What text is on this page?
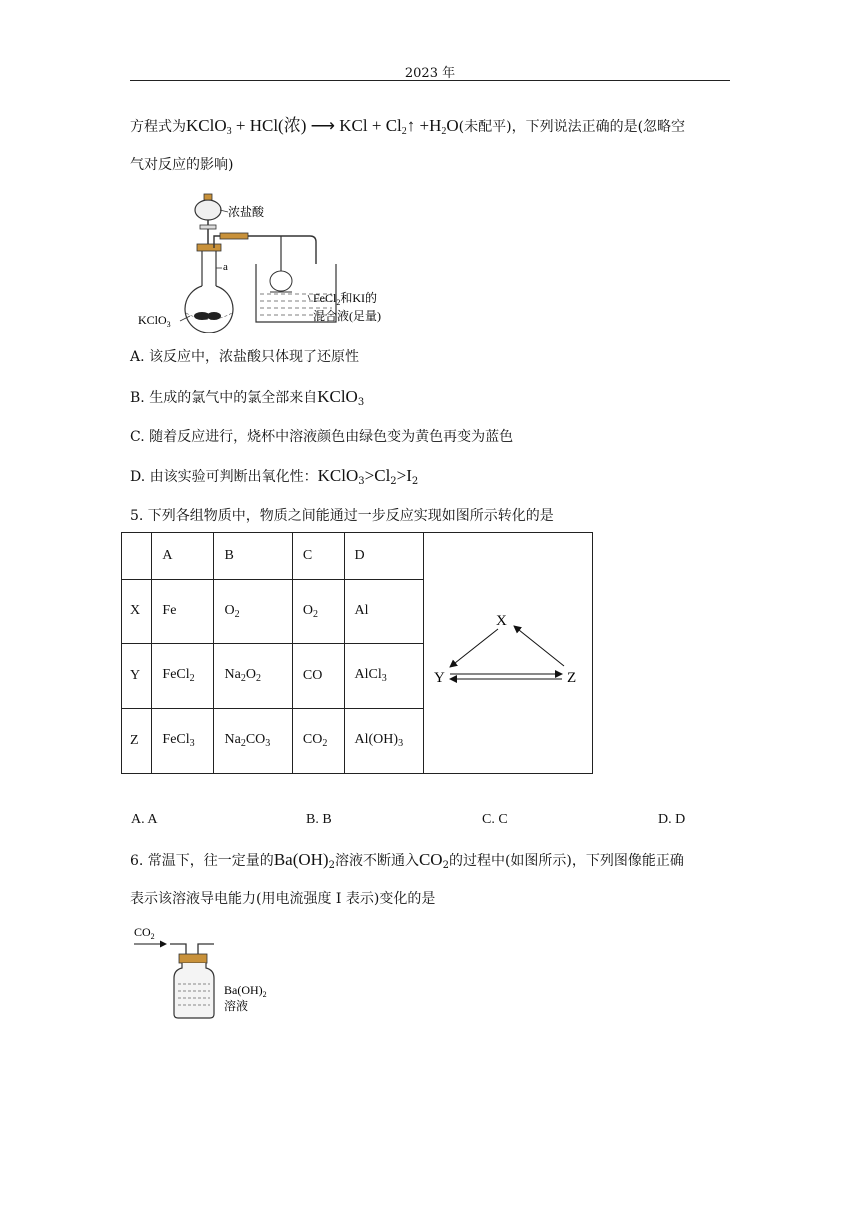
2023 年
方程式为KClO$_3$ + HCl(浓) ⟶ KCl + $Cl_2↑ +H_2O$(未配平)，下列说法正确的是(忽略空
气对反应的影响)
浓盐酸
KClO$_3$
a
FeCl$_2$和KI的
混合液(足量)
A. 该反应中，浓盐酸只体现了还原性
B. 生成的氯气中的氯全部来自KClO$_3$
C. 随着反应进行，烧杯中溶液颜色由绿色变为黄色再变为蓝色
D. 由该实验可判断出氧化性：$KClO_3>Cl_2>I_2$
5. 下列各组物质中，物质之间能通过一步反应实现如图所示转化的是
	A	B	C	D	X
Y Z

X	Fe	$O_2$	$O_2$	Al	
Y	FeCl$_2$	$Na_2O_2$	CO	AlCl$_3$
Z	FeCl$_3$	$Na_2CO_3$	$CO_2$	$Al(OH)_3$
A. A	B. B	C. C	D. D
6. 常温下，往一定量的$Ba(OH)_2$溶液不断通入$CO_2$的过程中(如图所示)，下列图像能正确
表示该溶液导电能力(用电流强度 I 表示)变化的是
$CO_2$
$Ba(OH)_2$
溶液
